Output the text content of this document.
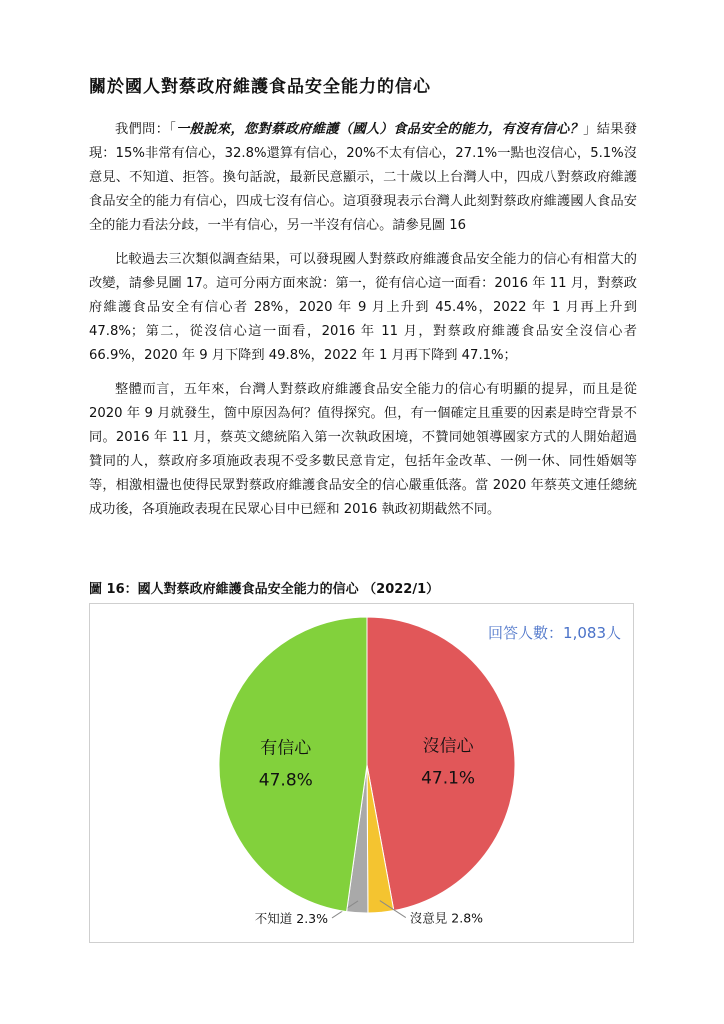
關於國人對蔡政府維護食品安全能力的信心

我們問：「一般說來，您對蔡政府維護（國人）食品安全的能力，有沒有信心？」結果發現：15%非常有信心，32.8%還算有信心，20%不太有信心，27.1%一點也沒信心，5.1%沒意見、不知道、拒答。換句話說，最新民意顯示，二十歲以上台灣人中，四成八對蔡政府維護食品安全的能力有信心，四成七沒有信心。這項發現表示台灣人此刻對蔡政府維護國人食品安全的能力看法分歧，一半有信心，另一半沒有信心。請參見圖 16

比較過去三次類似調查結果，可以發現國人對蔡政府維護食品安全能力的信心有相當大的改變，請參見圖 17。這可分兩方面來說：第一，從有信心這一面看：2016 年 11 月，對蔡政府維護食品安全有信心者 28%，2020 年 9 月上升到 45.4%，2022 年 1 月再上升到 47.8%；第二，從沒信心這一面看，2016 年 11 月，對蔡政府維護食品安全沒信心者 66.9%，2020 年 9 月下降到 49.8%，2022 年 1 月再下降到 47.1%；

整體而言，五年來，台灣人對蔡政府維護食品安全能力的信心有明顯的提昇，而且是從 2020 年 9 月就發生，箇中原因為何？值得探究。但，有一個確定且重要的因素是時空背景不同。2016 年 11 月，蔡英文總統陷入第一次執政困境，不贊同她領導國家方式的人開始超過贊同的人，蔡政府多項施政表現不受多數民意肯定，包括年金改革、一例一休、同性婚姻等等，相激相盪也使得民眾對蔡政府維護食品安全的信心嚴重低落。當 2020 年蔡英文連任總統成功後，各項施政表現在民眾心目中已經和 2016 執政初期截然不同。

圖 16：國人對蔡政府維護食品安全能力的信心 （2022/1）

回答人數：1,083人
沒信心
47.1%
沒意見 2.8%
不知道 2.3%
有信心
47.8%
